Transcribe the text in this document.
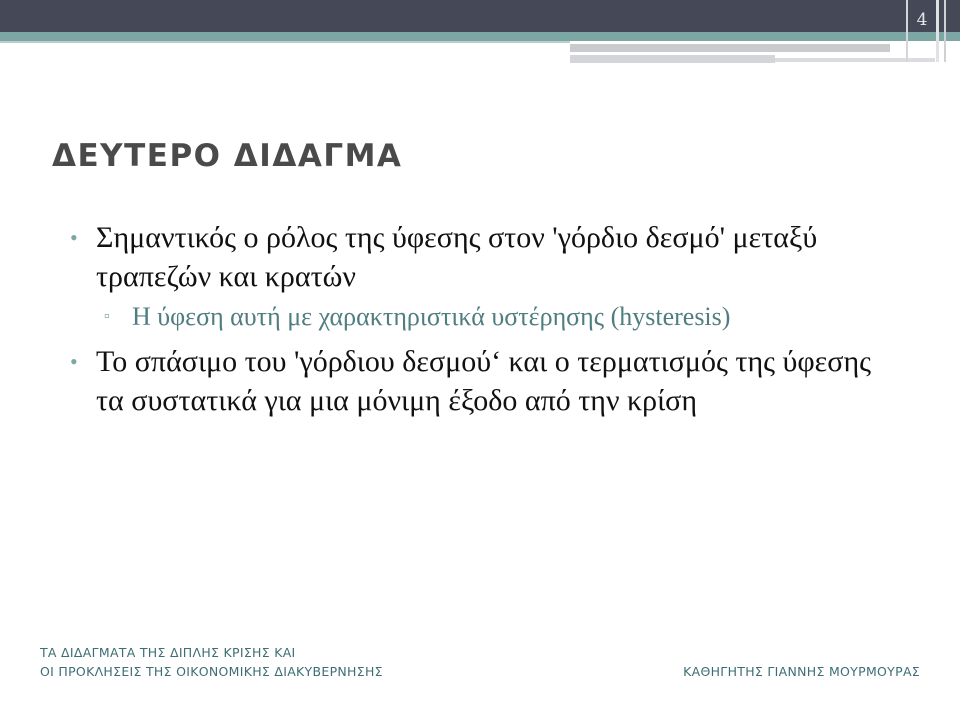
4
ΔΕΥΤΕΡΟ ΔΙΔΑΓΜΑ
• Σημαντικός ο ρόλος της ύφεσης στον 'γόρδιο δεσμό' μεταξύ τραπεζών και κρατών
▫ Η ύφεση αυτή με χαρακτηριστικά υστέρησης (hysteresis)
• Το σπάσιμο του 'γόρδιου δεσμού‘ και ο τερματισμός της ύφεσης τα συστατικά για μια μόνιμη έξοδο από την κρίση
ΤΑ ΔΙΔΑΓΜΑΤΑ ΤΗΣ ΔΙΠΛΗΣ ΚΡΙΣΗΣ ΚΑΙ
ΟΙ ΠΡΟΚΛΗΣΕΙΣ ΤΗΣ ΟΙΚΟΝΟΜΙΚΗΣ ΔΙΑΚΥΒΕΡΝΗΣΗΣ	ΚΑΘΗΓΗΤΗΣ ΓΙΑΝΝΗΣ ΜΟΥΡΜΟΥΡΑΣ
